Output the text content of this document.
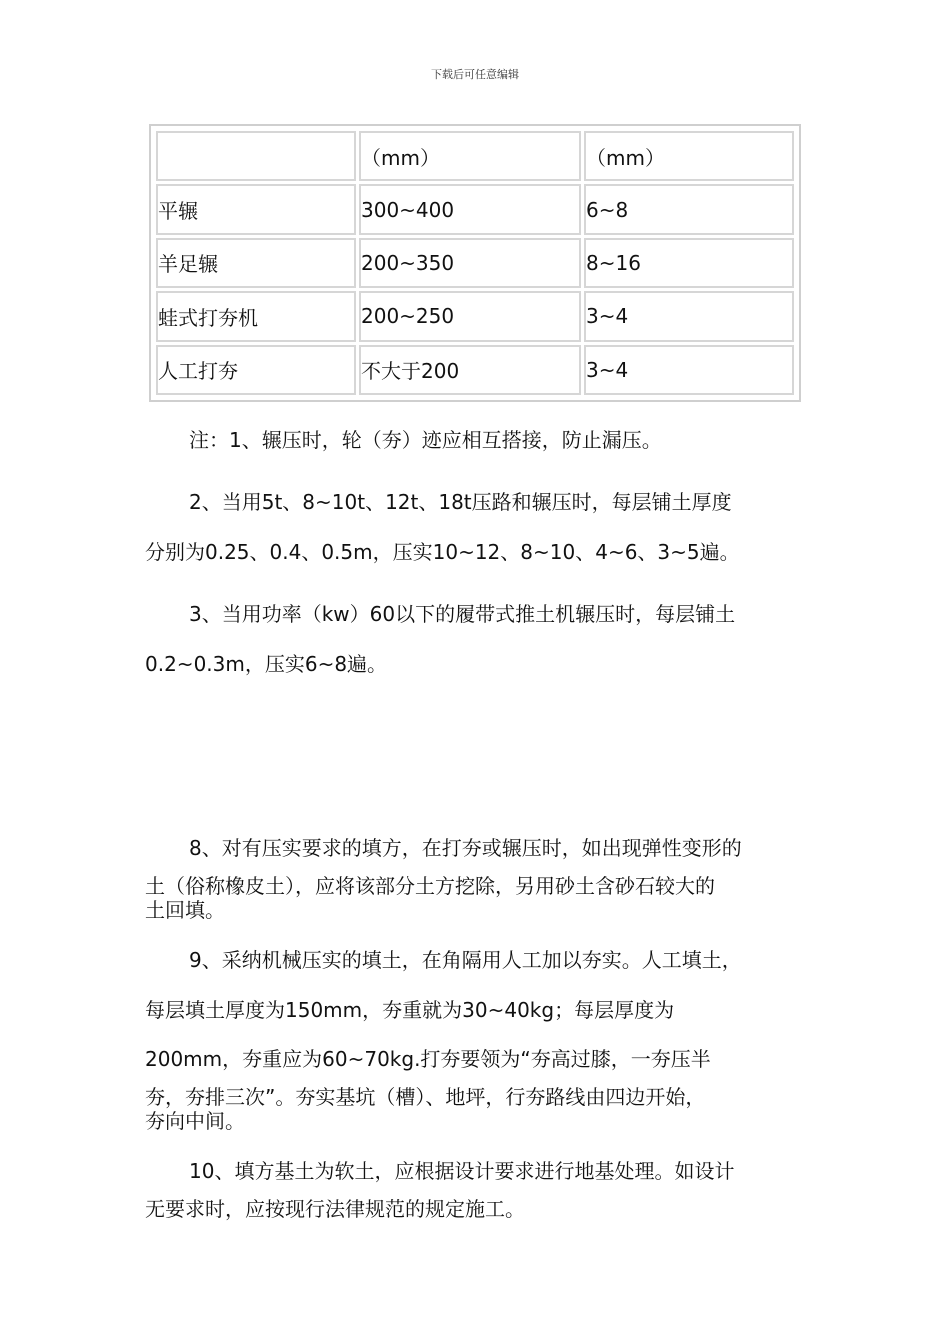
下载后可任意编辑
	（mm）	（mm）
平辗	300~400	6~8
羊足辗	200~350	8~16
蛙式打夯机	200~250	3~4
人工打夯	不大于200	3~4

注：1、辗压时，轮（夯）迹应相互搭接，防止漏压。

2、当用5t、8~10t、12t、18t压路和辗压时，每层铺土厚度

分别为0.25、0.4、0.5m，压实10~12、8~10、4~6、3~5遍。

3、当用功率（kw）60以下的履带式推土机辗压时，每层铺土

0.2~0.3m，压实6~8遍。

8、对有压实要求的填方，在打夯或辗压时，如出现弹性变形的

土（俗称橡皮土），应将该部分土方挖除，另用砂土含砂石较大的

土回填。

9、采纳机械压实的填土，在角隔用人工加以夯实。人工填土，

每层填土厚度为150mm，夯重就为30~40kg；每层厚度为

200mm，夯重应为60~70kg.打夯要领为“夯高过膝，一夯压半

夯，夯排三次”。夯实基坑（槽）、地坪，行夯路线由四边开始，

夯向中间。

10、填方基土为软土，应根据设计要求进行地基处理。如设计

无要求时，应按现行法律规范的规定施工。
